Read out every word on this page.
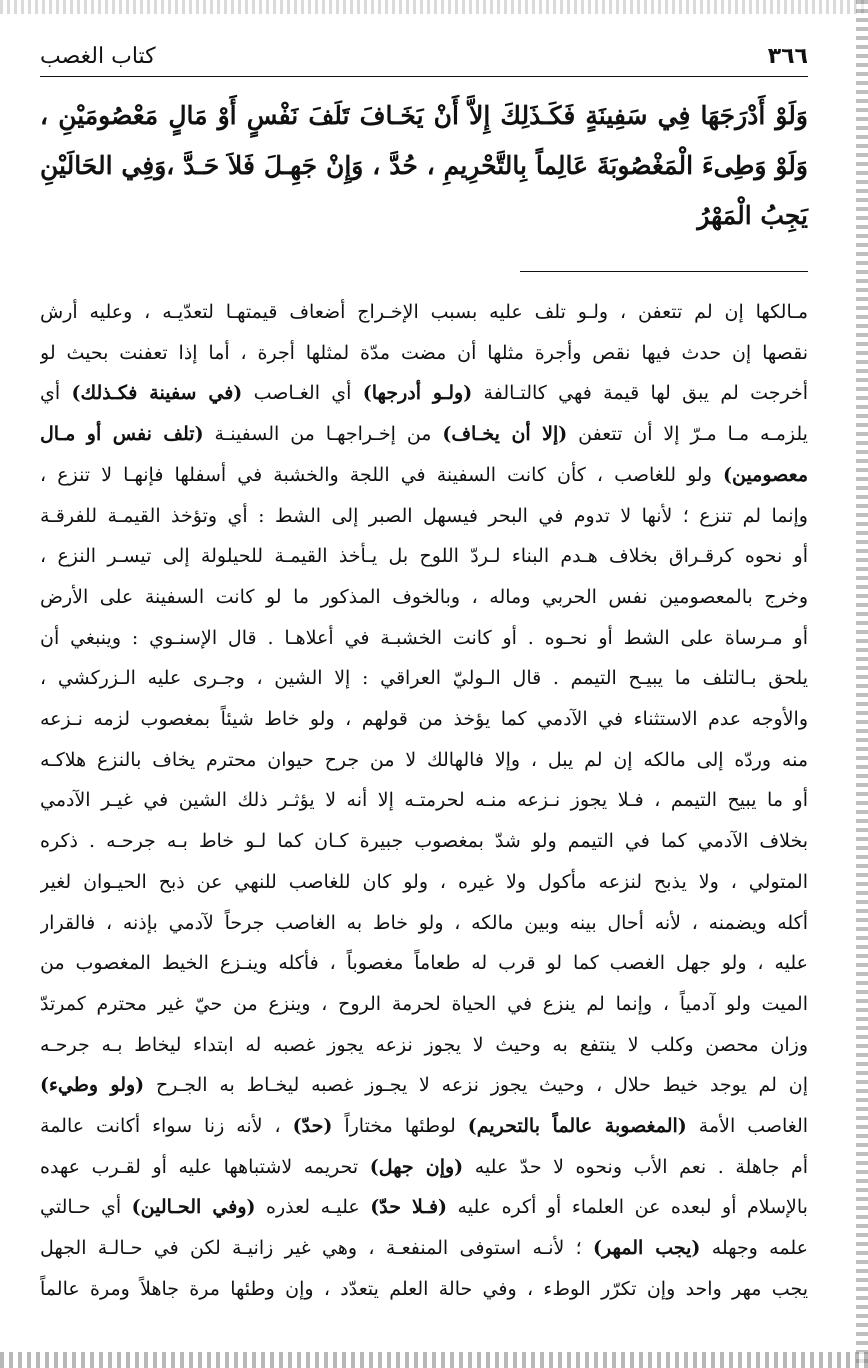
٣٦٦
كتاب الغصب
وَلَوْ أَدْرَجَهَا فِي سَفِينَةٍ فَكَـذَلِكَ إِلاَّ أَنْ يَخَـافَ تَلَفَ نَفْسٍ أَوْ مَالٍ مَعْصُومَيْنِ ، وَلَوْ وَطِىءَ الْمَغْصُوبَةَ عَالِماً بِالتَّحْرِيمِ ، حُدَّ ، وَإِنْ جَهِـلَ فَلاَ حَـدَّ ،وَفِي الحَالَيْنِ يَجِبُ الْمَهْرُ
مـالكها إن لم تتعفن ، ولـو تلف عليه بسبب الإخـراج أضعاف قيمتهـا لتعدّيـه ، وعليه أرش
نقصها إن حدث فيها نقص وأجرة مثلها أن مضت مدّة لمثلها أجرة ، أما إذا تعفنت بحيث لو
أخرجت لم يبق لها قيمة فهي كالتـالفة (ولـو أدرجها) أي الغـاصب (في سفينة فكـذلك) أي
يلزمـه مـا مـرّ إلا أن تتعفن (إلا أن يخـاف) من إخـراجهـا من السفينـة (تلف نفس أو مـال
معصومين) ولو للغاصب ، كأن كانت السفينة في اللجة والخشبة في أسفلها فإنهـا لا تنزع ،
وإنما لم تنزع ؛ لأنها لا تدوم في البحر فيسهل الصبر إلى الشط : أي وتؤخذ القيمـة للفرقـة
أو نحوه كرقـراق بخلاف هـدم البناء لـردّ اللوح بل يـأخذ القيمـة للحيلولة إلى تيسـر النزع ،
وخرج بالمعصومين نفس الحربي وماله ، وبالخوف المذكور ما لو كانت السفينة على الأرض
أو مـرساة على الشط أو نحـوه . أو كانت الخشبـة في أعلاهـا . قال الإسنـوي : وينبغي أن
يلحق بـالتلف ما يبيـح التيمم . قال الـوليّ العراقي : إلا الشين ، وجـرى عليه الـزركشي ،
والأوجه عدم الاستثناء في الآدمي كما يؤخذ من قولهم ، ولو خاط شيئاً بمغصوب لزمه نـزعه
منه وردّه إلى مالكه إن لم يبل ، وإلا فالهالك لا من جرح حيوان محترم يخاف بالنزع هلاكـه
أو ما يبيح التيمم ، فـلا يجوز نـزعه منـه لحرمتـه إلا أنه لا يؤثـر ذلك الشين في غيـر الآدمي
بخلاف الآدمي كما في التيمم ولو شدّ بمغصوب جبيرة كـان كما لـو خاط بـه جرحـه . ذكره
المتولي ، ولا يذبح لنزعه مأكول ولا غيره ، ولو كان للغاصب للنهي عن ذبح الحيـوان لغير
أكله ويضمنه ، لأنه أحال بينه وبين مالكه ، ولو خاط به الغاصب جرحاً لآدمي بإذنه ، فالقرار
عليه ، ولو جهل الغصب كما لو قرب له طعاماً مغصوباً ، فأكله وينـزع الخيط المغصوب من
الميت ولو آدمياً ، وإنما لم ينزع في الحياة لحرمة الروح ، وينزع من حيّ غير محترم كمرتدّ
وزان محصن وكلب لا ينتفع به وحيث لا يجوز نزعه يجوز غصبه له ابتداء ليخاط بـه جرحـه
إن لم يوجد خيط حلال ، وحيث يجوز نزعه لا يجـوز غصبه ليخـاط به الجـرح (ولو وطيء)
الغاصب الأمة (المغصوبة عالماً بالتحريم) لوطئها مختاراً (حدّ) ، لأنه زنا سواء أكانت عالمة
أم جاهلة . نعم الأب ونحوه لا حدّ عليه (وإن جهل) تحريمه لاشتباهها عليه أو لقـرب عهده
بالإسلام أو لبعده عن العلماء أو أكره عليه (فـلا حدّ) عليـه لعذره (وفي الحـالين) أي حـالتي
علمه وجهله (يجب المهر) ؛ لأنـه استوفى المنفعـة ، وهي غير زانيـة لكن في حـالـة الجهل
يجب مهر واحد وإن تكرّر الوطء ، وفي حالة العلم يتعدّد ، وإن وطئها مرة جاهلاً ومرة عالماً
